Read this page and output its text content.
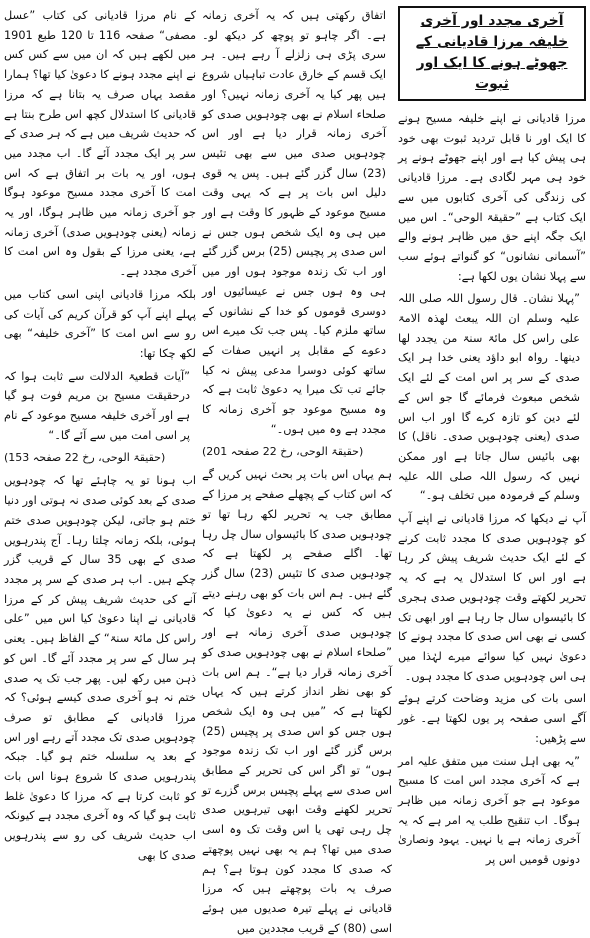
آخری مجدد اور آخری خلیفہ مرزا قادیانی کے
جھوٹے ہونے کا ایک اور ثبوت

مرزا قادیانی نے اپنے خلیفہ مسیح ہونے کا ایک اور نا قابل تردید ثبوت بھی خود ہی پیش کیا ہے اور اپنے جھوٹے ہونے پر خود ہی مہر لگادی ہے۔ مرزا قادیانی کی زندگی کی آخری کتابوں میں سے ایک کتاب ہے ”حقیقۃ الوحی“۔ اس میں ایک جگہ اپنے حق میں ظاہر ہونے والے ”آسمانی نشانوں“ کو گنواتے ہوئے سب سے پہلا نشان یوں لکھا ہے:

”پہلا نشان۔ قال رسول اللہ صلی اللہ علیہ وسلم ان اللہ یبعث لھذہ الامۃ علی راس کل مائۃ سنۃ من یجدد لھا دینھا۔ رواہ ابو داؤد یعنی خدا ہر ایک صدی کے سر پر اس امت کے لئے ایک شخص مبعوث فرمائے گا جو اس کے لئے دین کو تازہ کرے گا اور اب اس صدی (یعنی چودہویں صدی۔ ناقل) کا بھی بائیس سال جاتا ہے اور ممکن نہیں کہ رسول اللہ صلی اللہ علیہ وسلم کے فرمودہ میں تخلف ہو۔“

آپ نے دیکھا کہ مرزا قادیانی نے اپنے آپ کو چودہویں صدی کا مجدد ثابت کرنے کے لئے ایک حدیث شریف پیش کر رہا ہے اور اس کا استدلال یہ ہے کہ یہ تحریر لکھتے وقت چودہویں صدی ہجری کا بائیسواں سال جا رہا ہے اور ابھی تک کسی نے بھی اس صدی کا مجدد ہونے کا دعویٰ نہیں کیا سوائے میرے لہٰذا میں ہی اس چودہویں صدی کا مجدد ہوں۔

اسی بات کی مزید وضاحت کرتے ہوئے آگے اسی صفحہ پر یوں لکھتا ہے۔ غور سے پڑھیں:

”یہ بھی اہل سنت میں متفق علیہ امر ہے کہ آخری مجدد اس امت کا مسیح موعود ہے جو آخری زمانہ میں ظاہر ہوگا۔ اب تنقیح طلب یہ امر ہے کہ یہ آخری زمانہ ہے یا نہیں۔ یہود ونصاریٰ دونوں قومیں اس پر

اتفاق رکھتی ہیں کہ یہ آخری زمانہ ہے۔ اگر چاہو تو پوچھ کر دیکھ لو۔ سری پڑی ہی زلزلے آ رہے ہیں۔ ہر ایک قسم کے خارق عادت تباہیاں شروع ہیں پھر کیا یہ آخری زمانہ نہیں؟ اور صلحاء اسلام نے بھی چودہویں صدی کو آخری زمانہ قرار دیا ہے اور اس چودہویں صدی میں سے بھی تئیس (23) سال گزر گئے ہیں۔ پس یہ قوی دلیل اس بات پر ہے کہ یہی وقت مسیح موعود کے ظہور کا وقت ہے اور میں ہی وہ ایک شخص ہوں جس نے اس صدی پر پچیس (25) برس گزر گئے اور اب تک زندہ موجود ہوں اور میں ہی وہ ہوں جس نے عیسائیوں اور دوسری قوموں کو خدا کے نشانوں کے ساتھ ملزم کیا۔ پس جب تک میرے اس دعوے کے مقابل پر انہیں صفات کے ساتھ کوئی دوسرا مدعی پیش نہ کیا جائے تب تک میرا یہ دعویٰ ثابت ہے کہ وہ مسیح موعود جو آخری زمانہ کا مجدد ہے وہ میں ہوں۔“

(حقیقۃ الوحی، رخ 22 صفحہ 201)

ہم یہاں اس بات پر بحث نہیں کریں گے کہ اس کتاب کے پچھلے صفحے پر مرزا کے مطابق جب یہ تحریر لکھ رہا تھا تو چودہویں صدی کا بائیسواں سال چل رہا تھا۔ اگلے صفحے پر لکھتا ہے کہ چودہویں صدی کا تئیس (23) سال گزر گئے ہیں۔ ہم اس بات کو بھی رہنے دیتے ہیں کہ کس نے یہ دعویٰ کیا کہ چودہویں صدی آخری زمانہ ہے اور ”صلحاء اسلام نے بھی چودہویں صدی کو آخری زمانہ قرار دیا ہے“۔ ہم اس بات کو بھی نظر انداز کرتے ہیں کہ یہاں لکھتا ہے کہ ”میں ہی وہ ایک شخص ہوں جس کو اس صدی پر پچیس (25) برس گزر گئے اور اب تک زندہ موجود ہوں“ تو اگر اس کی تحریر کے مطابق اس صدی سے پہلے پچیس برس گزرے تو تحریر لکھنے وقت ابھی تیرہویں صدی چل رہی تھی یا اس وقت تک وہ اسی صدی میں تھا؟ ہم یہ بھی نہیں پوچھتے کہ صدی کا مجدد کون ہوتا ہے؟ ہم صرف یہ بات پوچھتے ہیں کہ مرزا قادیانی نے پہلے تیرہ صدیوں میں ہوئے اسی (80) کے قریب مجددین میں

کے نام مرزا قادیانی کی کتاب ”عسل مصفی“ صفحہ 116 تا 120 طبع 1901 میں لکھے ہیں کہ ان میں سے کس کس نے اپنے مجدد ہونے کا دعویٰ کیا تھا؟ ہمارا مقصد یہاں صرف یہ بتانا ہے کہ مرزا قادیانی کا استدلال کچھ اس طرح بنتا ہے کہ حدیث شریف میں ہے کہ ہر صدی کے سر پر ایک مجدد آئے گا۔ اب مجدد میں ہوں، اور یہ بات بر اتفاق ہے کہ اس امت کا آخری مجدد مسیح موعود ہوگا جو آخری زمانہ میں ظاہر ہوگا، اور یہ زمانہ (یعنی چودہویں صدی) آخری زمانہ ہے، یعنی مرزا کے بقول وہ اس امت کا آخری مجدد ہے۔

بلکہ مرزا قادیانی اپنی اسی کتاب میں پہلے اپنے آپ کو قرآن کریم کی آیات کی رو سے اس امت کا ”آخری خلیفہ“ بھی لکھ چکا تھا:

”آیات قطعیۃ الدلالت سے ثابت ہوا کہ درحقیقت مسیح بن مریم فوت ہو گیا ہے اور آخری خلیفہ مسیح موعود کے نام پر اسی امت میں سے آئے گا۔“

(حقیقۃ الوحی، رخ 22 صفحہ 153)

اب ہونا تو یہ چاہئے تھا کہ چودہویں صدی کے بعد کوئی صدی نہ ہوتی اور دنیا ختم ہو جاتی، لیکن چودہویں صدی ختم ہوئی، بلکہ زمانہ چلتا رہا۔ آج پندرہویں صدی کے بھی 35 سال کے قریب گزر چکے ہیں۔ اب ہر صدی کے سر پر مجدد آنے کی حدیث شریف پیش کر کے مرزا قادیانی نے اپنا دعویٰ کیا اس میں ”علی راس کل مائۃ سنۃ“ کے الفاظ ہیں۔ یعنی ہر سال کے سر پر مجدد آئے گا۔ اس کو ذہن میں رکھ لیں۔ پھر جب تک یہ صدی ختم نہ ہو آخری صدی کیسے ہوئی؟ کہ مرزا قادیانی کے مطابق تو صرف چودہویں صدی تک مجدد آتے رہے اور اس کے بعد یہ سلسلہ ختم ہو گیا۔ جبکہ پندرہویں صدی کا شروع ہونا اس بات کو ثابت کرتا ہے کہ مرزا کا دعویٰ غلط ثابت ہو گیا کہ وہ آخری مجدد ہے کیونکہ اب حدیث شریف کی رو سے پندرہویں صدی کا بھی
